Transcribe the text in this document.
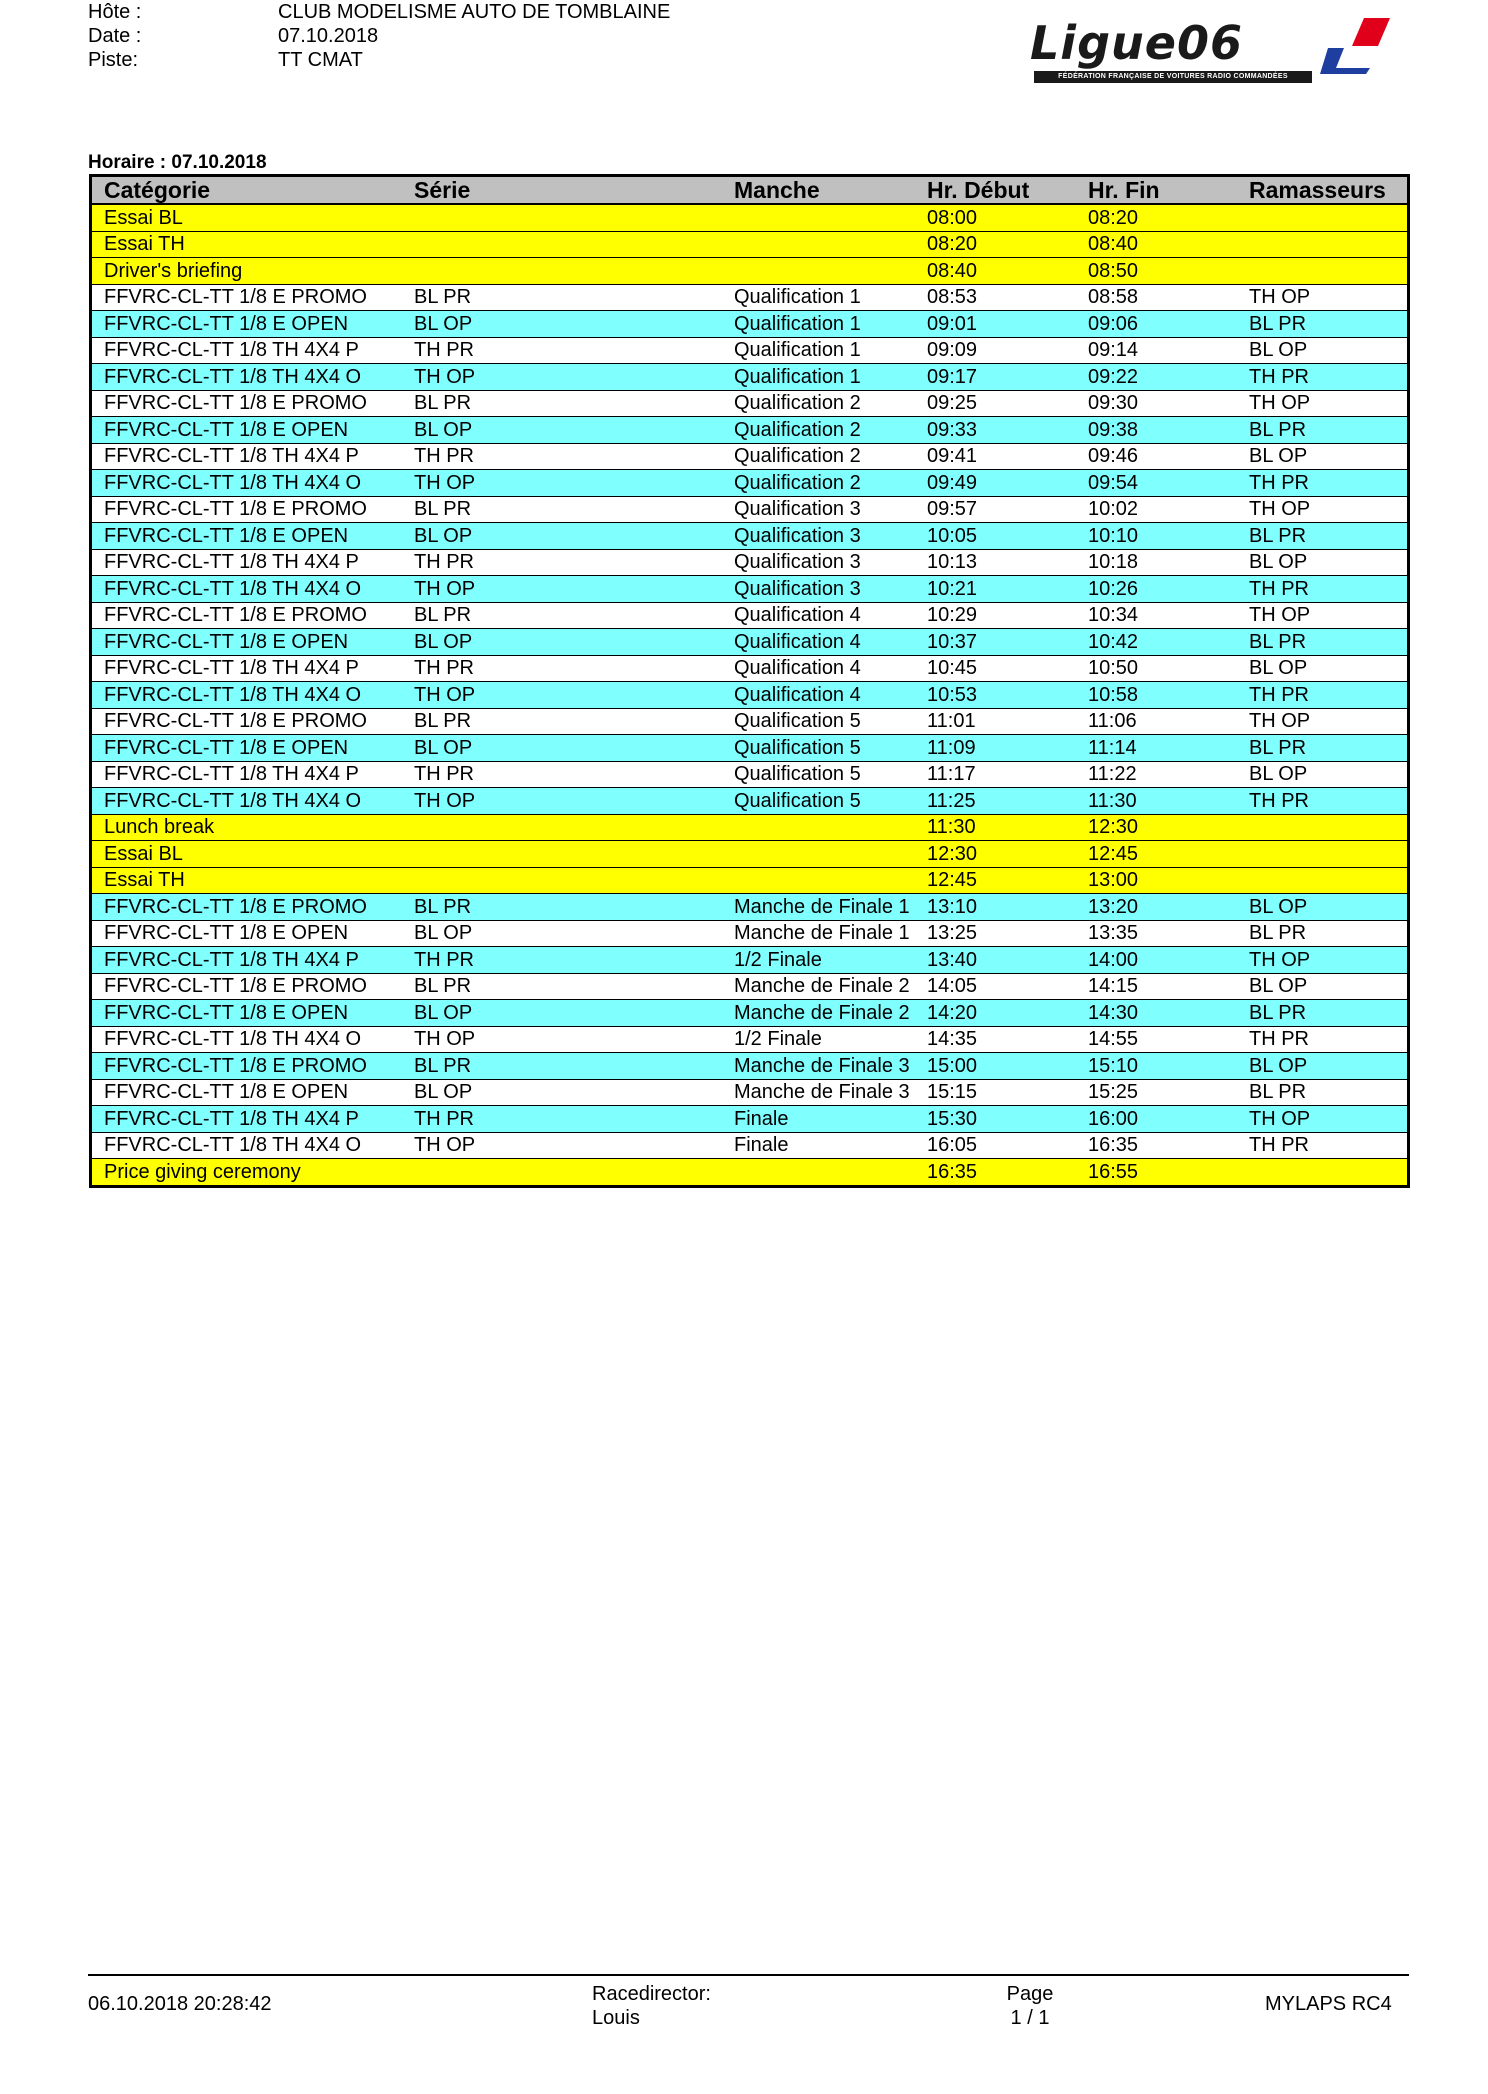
Hôte :	CLUB MODELISME AUTO DE TOMBLAINE
Date :	07.10.2018
Piste:	TT CMAT	Ligue06
FÉDÉRATION FRANÇAISE DE VOITURES RADIO COMMANDÉES
Horaire : 07.10.2018
Catégorie	Série	Manche	Hr. Début	Hr. Fin	Ramasseurs
Essai BL			08:00	08:20	
Essai TH			08:20	08:40	
Driver's briefing			08:40	08:50	
FFVRC-CL-TT 1/8 E PROMO	BL PR	Qualification 1	08:53	08:58	TH OP
FFVRC-CL-TT 1/8 E OPEN	BL OP	Qualification 1	09:01	09:06	BL PR
FFVRC-CL-TT 1/8 TH 4X4 P	TH PR	Qualification 1	09:09	09:14	BL OP
FFVRC-CL-TT 1/8 TH 4X4 O	TH OP	Qualification 1	09:17	09:22	TH PR
FFVRC-CL-TT 1/8 E PROMO	BL PR	Qualification 2	09:25	09:30	TH OP
FFVRC-CL-TT 1/8 E OPEN	BL OP	Qualification 2	09:33	09:38	BL PR
FFVRC-CL-TT 1/8 TH 4X4 P	TH PR	Qualification 2	09:41	09:46	BL OP
FFVRC-CL-TT 1/8 TH 4X4 O	TH OP	Qualification 2	09:49	09:54	TH PR
FFVRC-CL-TT 1/8 E PROMO	BL PR	Qualification 3	09:57	10:02	TH OP
FFVRC-CL-TT 1/8 E OPEN	BL OP	Qualification 3	10:05	10:10	BL PR
FFVRC-CL-TT 1/8 TH 4X4 P	TH PR	Qualification 3	10:13	10:18	BL OP
FFVRC-CL-TT 1/8 TH 4X4 O	TH OP	Qualification 3	10:21	10:26	TH PR
FFVRC-CL-TT 1/8 E PROMO	BL PR	Qualification 4	10:29	10:34	TH OP
FFVRC-CL-TT 1/8 E OPEN	BL OP	Qualification 4	10:37	10:42	BL PR
FFVRC-CL-TT 1/8 TH 4X4 P	TH PR	Qualification 4	10:45	10:50	BL OP
FFVRC-CL-TT 1/8 TH 4X4 O	TH OP	Qualification 4	10:53	10:58	TH PR
FFVRC-CL-TT 1/8 E PROMO	BL PR	Qualification 5	11:01	11:06	TH OP
FFVRC-CL-TT 1/8 E OPEN	BL OP	Qualification 5	11:09	11:14	BL PR
FFVRC-CL-TT 1/8 TH 4X4 P	TH PR	Qualification 5	11:17	11:22	BL OP
FFVRC-CL-TT 1/8 TH 4X4 O	TH OP	Qualification 5	11:25	11:30	TH PR
Lunch break			11:30	12:30	
Essai BL			12:30	12:45	
Essai TH			12:45	13:00	
FFVRC-CL-TT 1/8 E PROMO	BL PR	Manche de Finale 1	13:10	13:20	BL OP
FFVRC-CL-TT 1/8 E OPEN	BL OP	Manche de Finale 1	13:25	13:35	BL PR
FFVRC-CL-TT 1/8 TH 4X4 P	TH PR	1/2 Finale	13:40	14:00	TH OP
FFVRC-CL-TT 1/8 E PROMO	BL PR	Manche de Finale 2	14:05	14:15	BL OP
FFVRC-CL-TT 1/8 E OPEN	BL OP	Manche de Finale 2	14:20	14:30	BL PR
FFVRC-CL-TT 1/8 TH 4X4 O	TH OP	1/2 Finale	14:35	14:55	TH PR
FFVRC-CL-TT 1/8 E PROMO	BL PR	Manche de Finale 3	15:00	15:10	BL OP
FFVRC-CL-TT 1/8 E OPEN	BL OP	Manche de Finale 3	15:15	15:25	BL PR
FFVRC-CL-TT 1/8 TH 4X4 P	TH PR	Finale	15:30	16:00	TH OP
FFVRC-CL-TT 1/8 TH 4X4 O	TH OP	Finale	16:05	16:35	TH PR
Price giving ceremony			16:35	16:55	
06.10.2018 20:28:42	Racedirector:
Louis
Page
1 / 1
MYLAPS RC4
